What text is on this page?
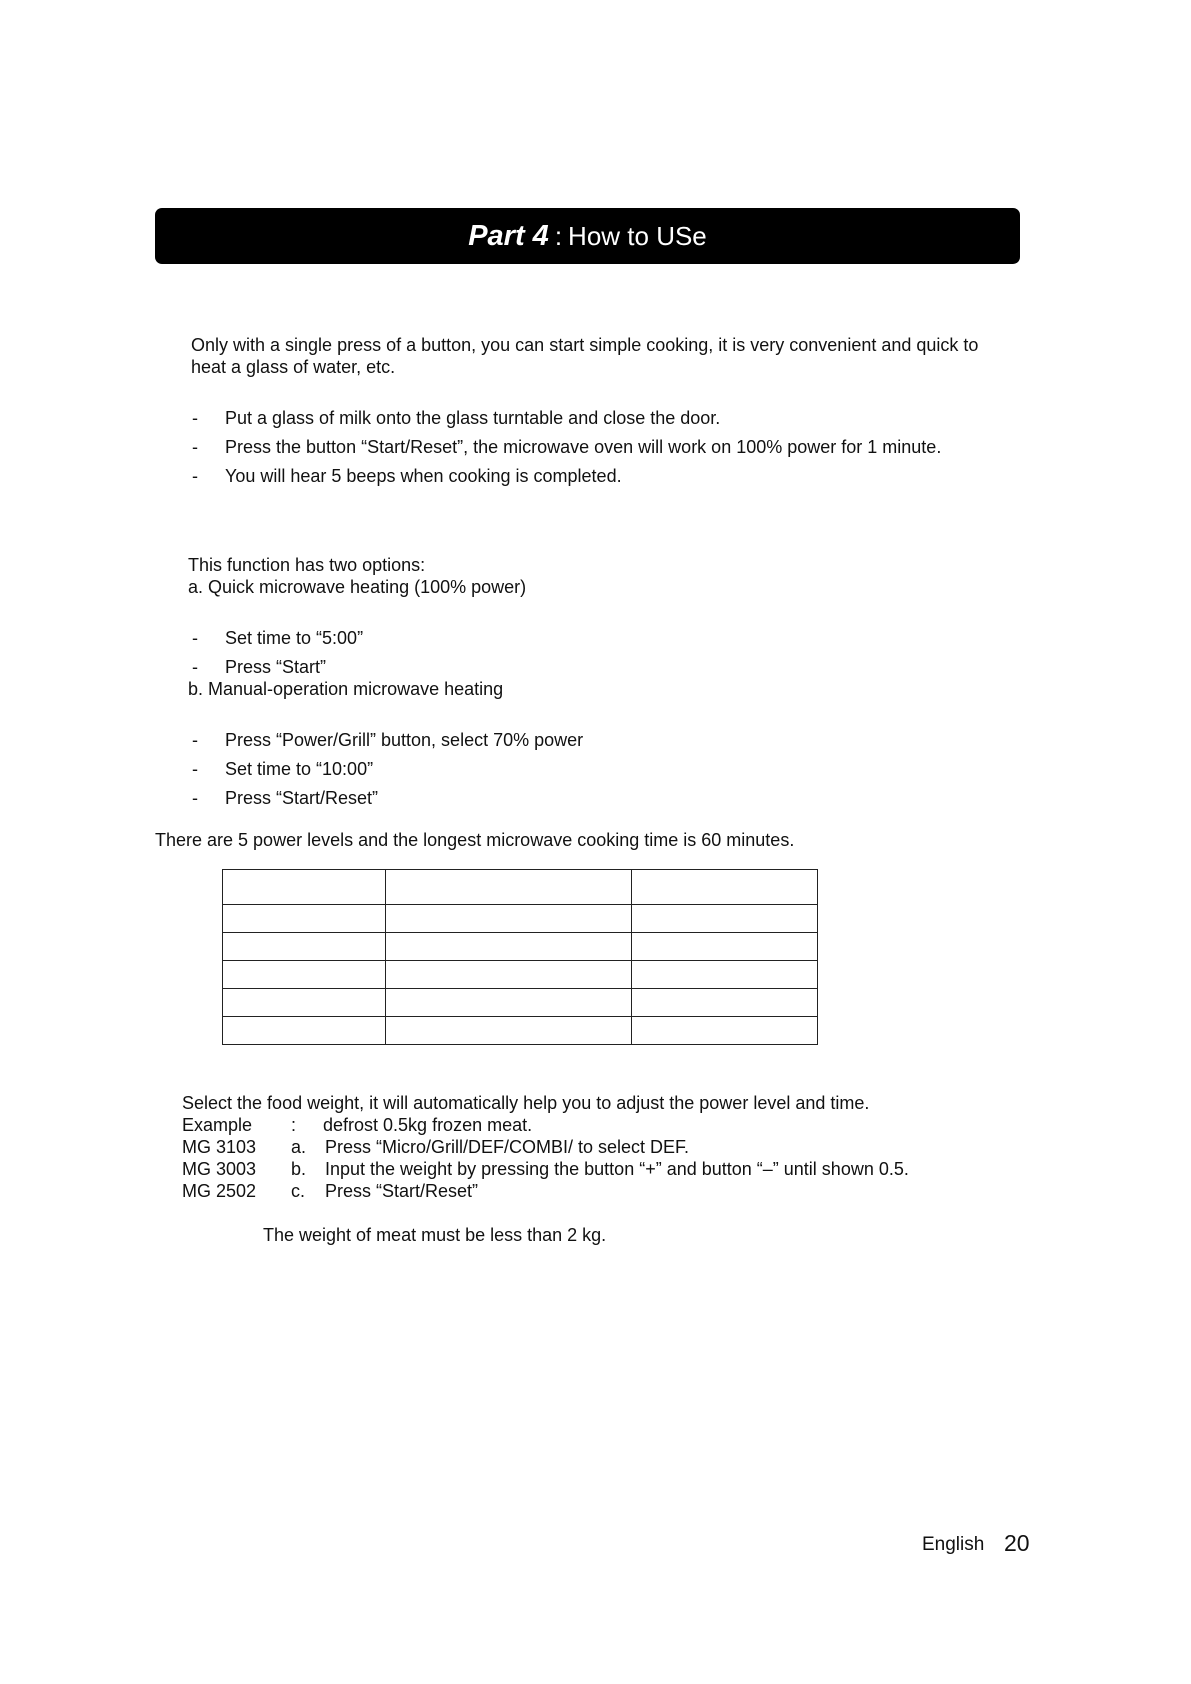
Part 4 : How to USe
Only with a single press of a button, you can start simple cooking, it is very convenient and quick to
heat a glass of water, etc.
-	Put a glass of milk onto the glass turntable and close the door.
-	Press the button “Start/Reset”, the microwave oven will work on 100% power for 1 minute.
-	You will hear 5 beeps when cooking is completed.
This function has two options:
a. Quick microwave heating (100% power)
-	Set time to “5:00”
-	Press “Start”
b. Manual-operation microwave heating
-	Press “Power/Grill” button, select 70% power
-	Set time to “10:00”
-	Press “Start/Reset”
There are 5 power levels and the longest microwave cooking time is 60 minutes.

Select the food weight, it will automatically help you to adjust the power level and time.
Example : defrost 0.5kg frozen meat.
MG 3103 a. Press “Micro/Grill/DEF/COMBI/ to select DEF.
MG 3003 b. Input the weight by pressing the button “+” and button “–” until shown 0.5.
MG 2502 c. Press “Start/Reset”
The weight of meat must be less than 2 kg.
English 20
